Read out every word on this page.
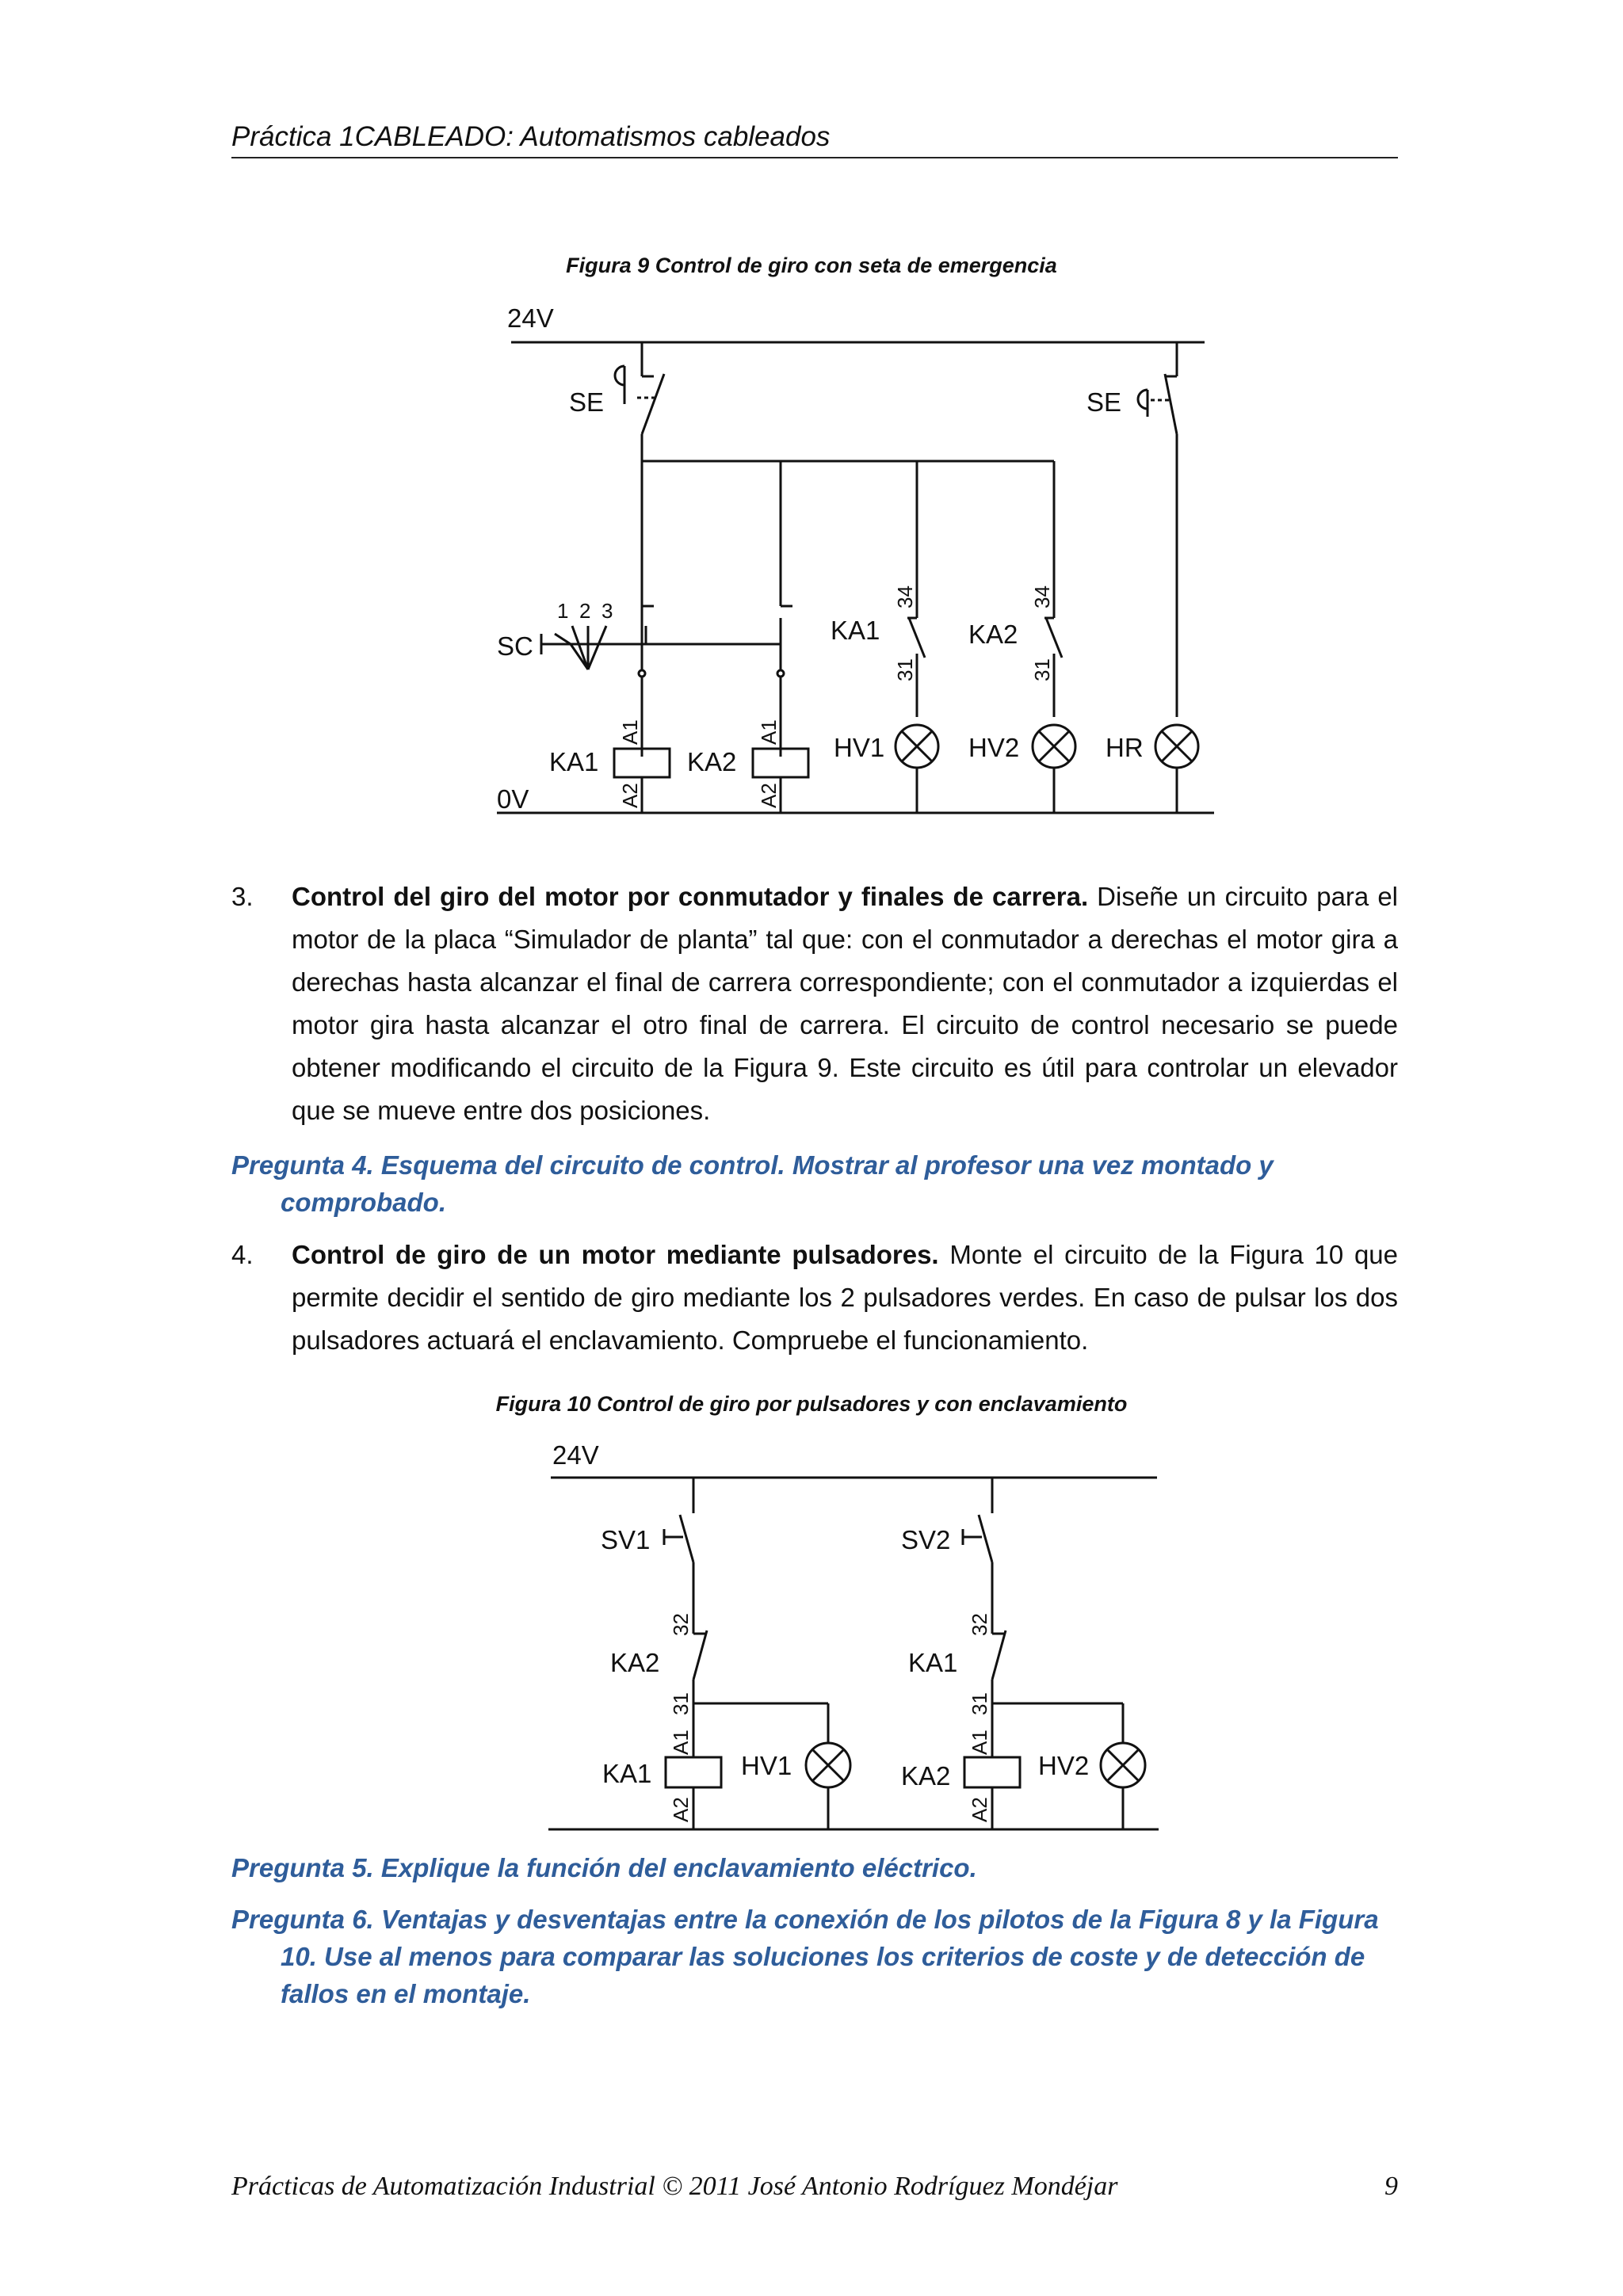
Práctica 1CABLEADO: Automatismos cableados
Figura 9 Control de giro con seta de emergencia
24V
0V
SE	SE
SC
1 2 3
KA1	KA2
A1
A2
A1
A2
34
31
KA1
34
31
KA2
HV1	HV2	HR
3. Control del giro del motor por conmutador y finales de carrera. Diseñe un circuito para el motor de la placa “Simulador de planta” tal que: con el conmutador a derechas el motor gira a derechas hasta alcanzar el final de carrera correspondiente; con el conmutador a izquierdas el motor gira hasta alcanzar el otro final de carrera. El circuito de control necesario se puede obtener modificando el circuito de la Figura 9. Este circuito es útil para controlar un elevador que se mueve entre dos posiciones.
Pregunta 4. Esquema del circuito de control. Mostrar al profesor una vez montado y
comprobado.
4. Control de giro de un motor mediante pulsadores. Monte el circuito de la Figura 10 que permite decidir el sentido de giro mediante los 2 pulsadores verdes. En caso de pulsar los dos pulsadores actuará el enclavamiento. Compruebe el funcionamiento.
Figura 10 Control de giro por pulsadores y con enclavamiento
24V
SV1
32
31
KA2
KA1
A1
A2
HV1
SV2
32
31
KA1
KA2
A1
A2
HV2
Pregunta 5. Explique la función del enclavamiento eléctrico.
Pregunta 6. Ventajas y desventajas entre la conexión de los pilotos de la Figura 8 y la Figura
10. Use al menos para comparar las soluciones los criterios de coste y de detección de
fallos en el montaje.
Prácticas de Automatización Industrial © 2011 José Antonio Rodríguez Mondéjar	9
